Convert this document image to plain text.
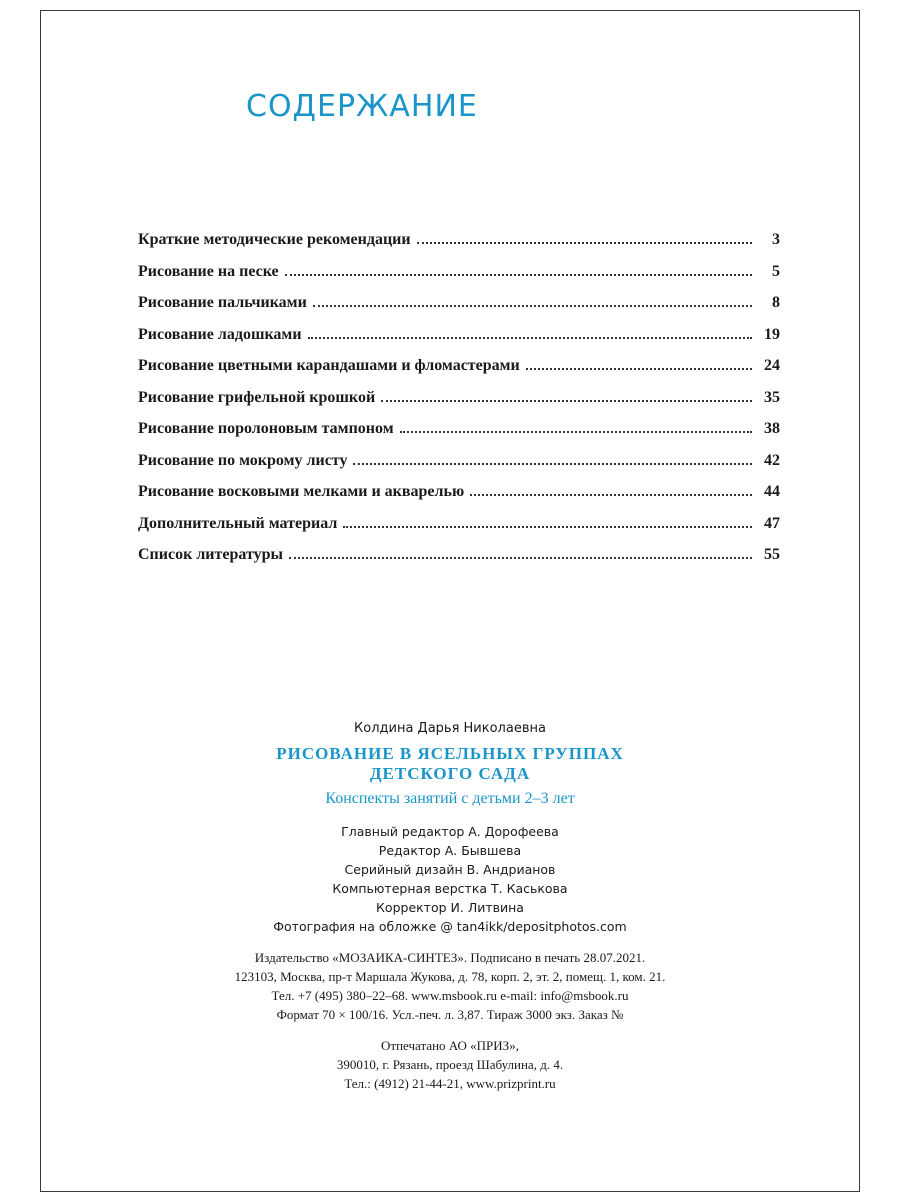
СОДЕРЖАНИЕ
Краткие методические рекомендации	3
Рисование на песке	5
Рисование пальчиками	8
Рисование ладошками	19
Рисование цветными карандашами и фломастерами	24
Рисование грифельной крошкой	35
Рисование поролоновым тампоном	38
Рисование по мокрому листу	42
Рисование восковыми мелками и акварелью	44
Дополнительный материал	47
Список литературы	55
Колдина Дарья Николаевна
РИСОВАНИЕ В ЯСЕЛЬНЫХ ГРУППАХ
ДЕТСКОГО САДА
Конспекты занятий с детьми 2–3 лет
Главный редактор А. Дорофеева
Редактор А. Бывшева
Серийный дизайн В. Андрианов
Компьютерная верстка Т. Каськова
Корректор И. Литвина
Фотография на обложке @ tan4ikk/depositphotos.com
Издательство «МОЗАИКА-СИНТЕЗ». Подписано в печать 28.07.2021.
123103, Москва, пр-т Маршала Жукова, д. 78, корп. 2, эт. 2, помещ. 1, ком. 21.
Тел. +7 (495) 380–22–68. www.msbook.ru e-mail: info@msbook.ru
Формат 70 × 100/16. Усл.-печ. л. 3,87. Тираж 3000 экз. Заказ №
Отпечатано АО «ПРИЗ»,
390010, г. Рязань, проезд Шабулина, д. 4.
Тел.: (4912) 21-44-21, www.prizprint.ru
